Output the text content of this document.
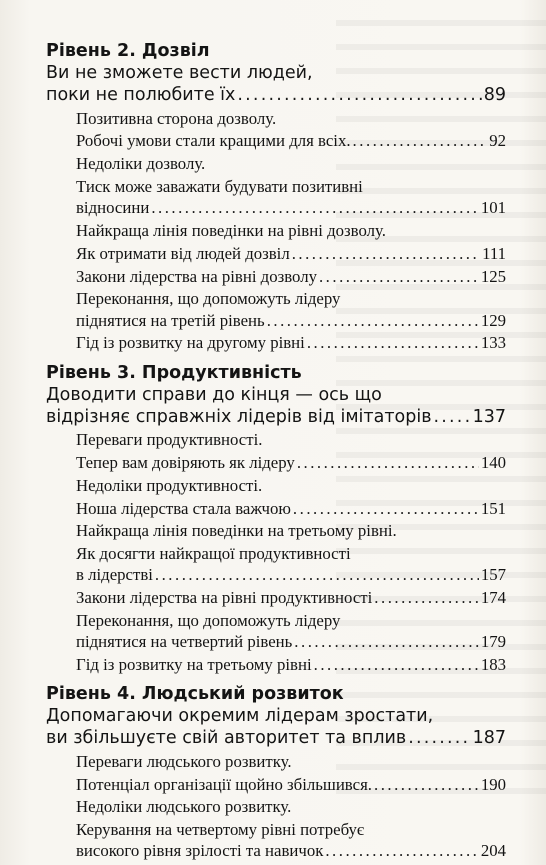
Рівень 2. Дозвіл
Ви не зможете вести людей,
поки не полюбите їх .....	89
Позитивна сторона дозволу.
Робочі умови стали кращими для всіх. .....	92
Недоліки дозволу.
Тиск може заважати будувати позитивні
відносини .....	101
Найкраща лінія поведінки на рівні дозволу.
Як отримати від людей дозвіл .....	111
Закони лідерства на рівні дозволу .....	125
Переконання, що допоможуть лідеру
піднятися на третій рівень .....	129
Гід із розвитку на другому рівні .....	133
Рівень 3. Продуктивність
Доводити справи до кінця — ось що
відрізняє справжніх лідерів від імітаторів ..... 137
Переваги продуктивності.
Тепер вам довіряють як лідеру .....	140
Недоліки продуктивності.
Ноша лідерства стала важчою .....	151
Найкраща лінія поведінки на третьому рівні.
Як досягти найкращої продуктивності
в лідерстві .....	157
Закони лідерства на рівні продуктивності .....	174
Переконання, що допоможуть лідеру
піднятися на четвертий рівень .....	179
Гід із розвитку на третьому рівні .....	183
Рівень 4. Людський розвиток
Допомагаючи окремим лідерам зростати,
ви збільшуєте свій авторитет та вплив .....	187
Переваги людського розвитку.
Потенціал організації щойно збільшився. .....	190
Недоліки людського розвитку.
Керування на четвертому рівні потребує
високого рівня зрілості та навичок .....	204
